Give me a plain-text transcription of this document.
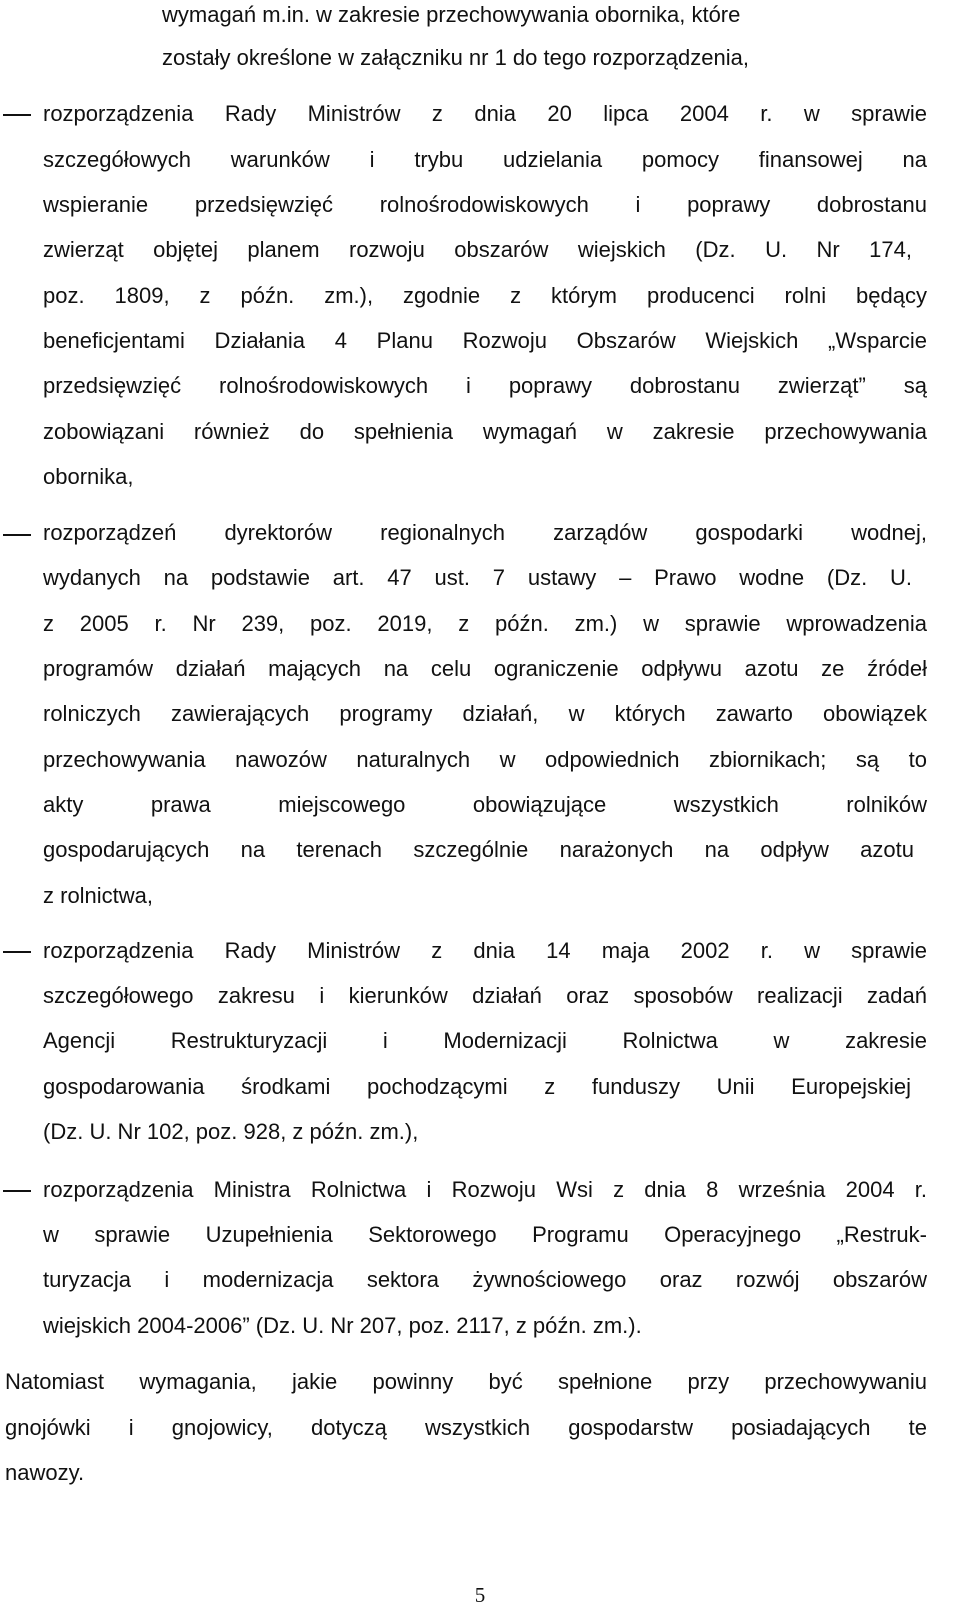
wymagań m.in. w zakresie przechowywania obornika, które
zostały określone w załączniku nr 1 do tego rozporządzenia,
rozporządzenia Rady Ministrów z dnia 20 lipca 2004 r. w sprawie
szczegółowych warunków i trybu udzielania pomocy finansowej na
wspieranie przedsięwzięć rolnośrodowiskowych i poprawy dobrostanu
zwierząt objętej planem rozwoju obszarów wiejskich (Dz. U. Nr 174,
poz. 1809, z późn. zm.), zgodnie z którym producenci rolni będący
beneficjentami Działania 4 Planu Rozwoju Obszarów Wiejskich „Wsparcie
przedsięwzięć rolnośrodowiskowych i poprawy dobrostanu zwierząt” są
zobowiązani również do spełnienia wymagań w zakresie przechowywania
obornika,
rozporządzeń dyrektorów regionalnych zarządów gospodarki wodnej,
wydanych na podstawie art. 47 ust. 7 ustawy – Prawo wodne (Dz. U.
z 2005 r. Nr 239, poz. 2019, z późn. zm.) w sprawie wprowadzenia
programów działań mających na celu ograniczenie odpływu azotu ze źródeł
rolniczych zawierających programy działań, w których zawarto obowiązek
przechowywania nawozów naturalnych w odpowiednich zbiornikach; są to
akty prawa miejscowego obowiązujące wszystkich rolników
gospodarujących na terenach szczególnie narażonych na odpływ azotu
z rolnictwa,
rozporządzenia Rady Ministrów z dnia 14 maja 2002 r. w sprawie
szczegółowego zakresu i kierunków działań oraz sposobów realizacji zadań
Agencji Restrukturyzacji i Modernizacji Rolnictwa w zakresie
gospodarowania środkami pochodzącymi z funduszy Unii Europejskiej
(Dz. U. Nr 102, poz. 928, z późn. zm.),
rozporządzenia Ministra Rolnictwa i Rozwoju Wsi z dnia 8 września 2004 r.
w sprawie Uzupełnienia Sektorowego Programu Operacyjnego „Restruk-
turyzacja i modernizacja sektora żywnościowego oraz rozwój obszarów
wiejskich 2004-2006” (Dz. U. Nr 207, poz. 2117, z późn. zm.).
Natomiast wymagania, jakie powinny być spełnione przy przechowywaniu
gnojówki i gnojowicy, dotyczą wszystkich gospodarstw posiadających te
nawozy.
5
